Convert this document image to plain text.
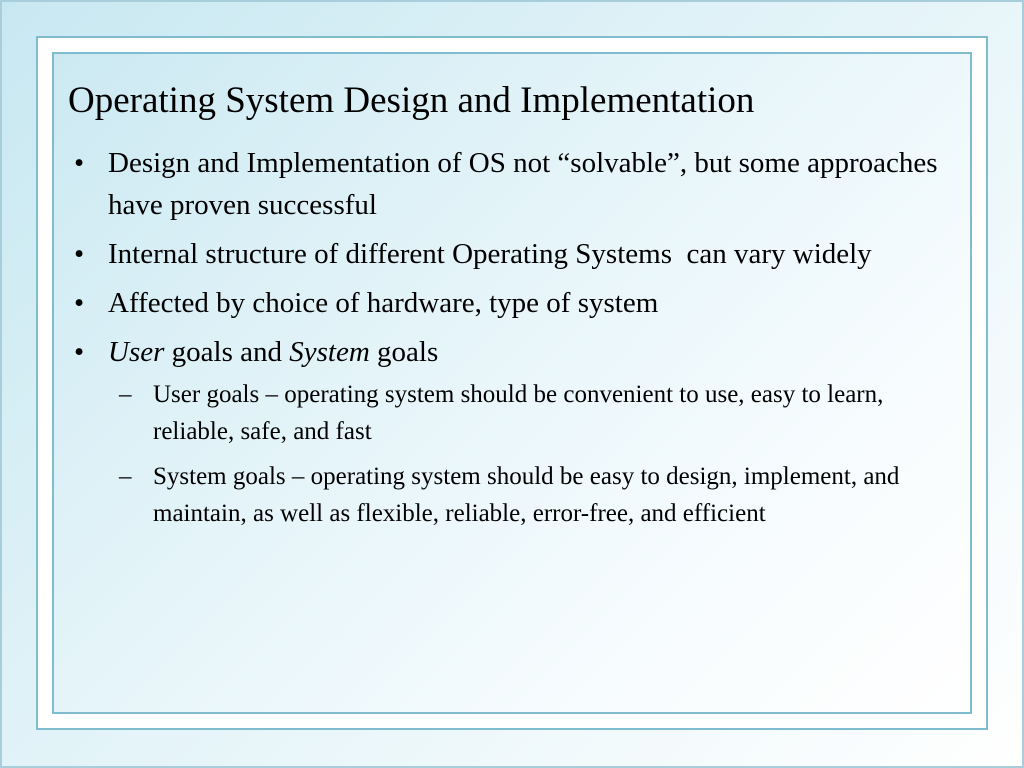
Operating System Design and Implementation
• Design and Implementation of OS not “solvable”, but some approaches have proven successful
• Internal structure of different Operating Systems  can vary widely
• Affected by choice of hardware, type of system
• User goals and System goals
– User goals – operating system should be convenient to use, easy to learn, reliable, safe, and fast
– System goals – operating system should be easy to design, implement, and maintain, as well as flexible, reliable, error-free, and efficient
